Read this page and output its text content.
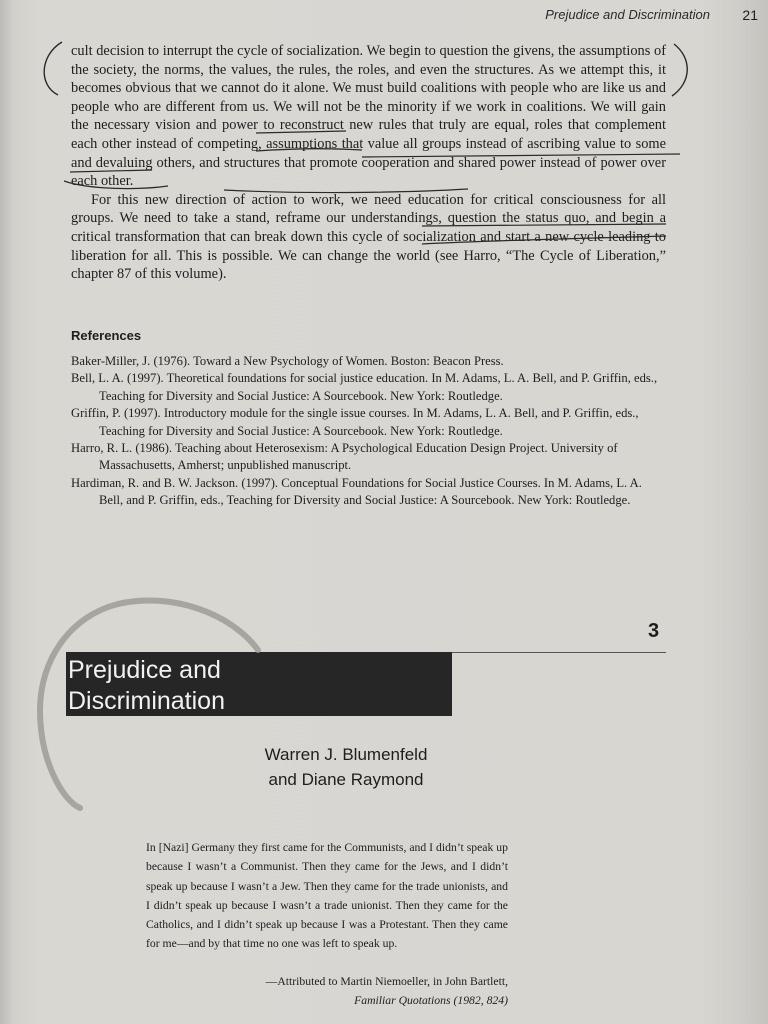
Prejudice and Discrimination 21

cult decision to interrupt the cycle of socialization. We begin to question the givens, the assumptions of the society, the norms, the values, the rules, the roles, and even the structures. As we attempt this, it becomes obvious that we cannot do it alone. We must build coalitions with people who are like us and people who are different from us. We will not be the minority if we work in coalitions. We will gain the necessary vision and power to reconstruct new rules that truly are equal, roles that complement each other instead of competing, assumptions that value all groups instead of ascribing value to some and devaluing others, and structures that promote cooperation and shared power instead of power over each other.

For this new direction of action to work, we need education for critical consciousness for all groups. We need to take a stand, reframe our understandings, question the status quo, and begin a critical transformation that can break down this cycle of socialization and start a new cycle leading to liberation for all. This is possible. We can change the world (see Harro, “The Cycle of Liberation,” chapter 87 of this volume).

References
Baker-Miller, J. (1976). Toward a New Psychology of Women. Boston: Beacon Press.
Bell, L. A. (1997). Theoretical foundations for social justice education. In M. Adams, L. A. Bell, and P. Griffin, eds., Teaching for Diversity and Social Justice: A Sourcebook. New York: Routledge.
Griffin, P. (1997). Introductory module for the single issue courses. In M. Adams, L. A. Bell, and P. Griffin, eds., Teaching for Diversity and Social Justice: A Sourcebook. New York: Routledge.
Harro, R. L. (1986). Teaching about Heterosexism: A Psychological Education Design Project. University of Massachusetts, Amherst; unpublished manuscript.
Hardiman, R. and B. W. Jackson. (1997). Conceptual Foundations for Social Justice Courses. In M. Adams, L. A. Bell, and P. Griffin, eds., Teaching for Diversity and Social Justice: A Sourcebook. New York: Routledge.
3
Prejudice and
Discrimination
Warren J. Blumenfeld
and Diane Raymond
In [Nazi] Germany they first came for the Communists, and I didn’t speak up because I wasn’t a Communist. Then they came for the Jews, and I didn’t speak up because I wasn’t a Jew. Then they came for the trade unionists, and I didn’t speak up because I wasn’t a trade unionist. Then they came for the Catholics, and I didn’t speak up because I was a Protestant. Then they came for me—and by that time no one was left to speak up.
—Attributed to Martin Niemoeller, in John Bartlett,
Familiar Quotations (1982, 824)
